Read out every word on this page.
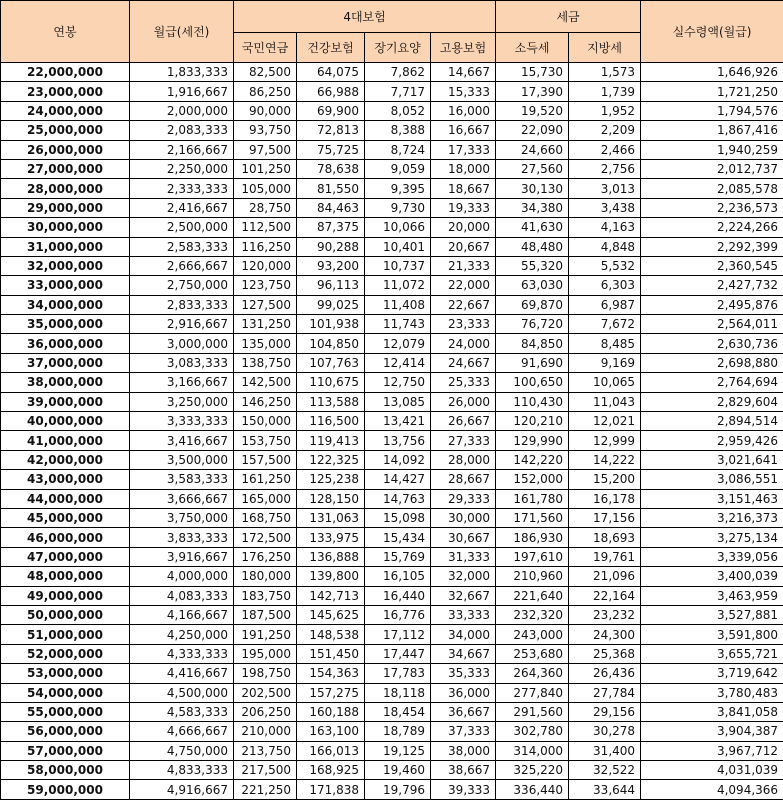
연봉	월급(세전)	4대보험				세금		실수령액(월급)
		국민연금	건강보험	장기요양	고용보험	소득세	지방세	
22,000,000	1,833,333	82,500	64,075	7,862	14,667	15,730	1,573	1,646,926
23,000,000	1,916,667	86,250	66,988	7,717	15,333	17,390	1,739	1,721,250
24,000,000	2,000,000	90,000	69,900	8,052	16,000	19,520	1,952	1,794,576
25,000,000	2,083,333	93,750	72,813	8,388	16,667	22,090	2,209	1,867,416
26,000,000	2,166,667	97,500	75,725	8,724	17,333	24,660	2,466	1,940,259
27,000,000	2,250,000	101,250	78,638	9,059	18,000	27,560	2,756	2,012,737
28,000,000	2,333,333	105,000	81,550	9,395	18,667	30,130	3,013	2,085,578
29,000,000	2,416,667	28,750	84,463	9,730	19,333	34,380	3,438	2,236,573
30,000,000	2,500,000	112,500	87,375	10,066	20,000	41,630	4,163	2,224,266
31,000,000	2,583,333	116,250	90,288	10,401	20,667	48,480	4,848	2,292,399
32,000,000	2,666,667	120,000	93,200	10,737	21,333	55,320	5,532	2,360,545
33,000,000	2,750,000	123,750	96,113	11,072	22,000	63,030	6,303	2,427,732
34,000,000	2,833,333	127,500	99,025	11,408	22,667	69,870	6,987	2,495,876
35,000,000	2,916,667	131,250	101,938	11,743	23,333	76,720	7,672	2,564,011
36,000,000	3,000,000	135,000	104,850	12,079	24,000	84,850	8,485	2,630,736
37,000,000	3,083,333	138,750	107,763	12,414	24,667	91,690	9,169	2,698,880
38,000,000	3,166,667	142,500	110,675	12,750	25,333	100,650	10,065	2,764,694
39,000,000	3,250,000	146,250	113,588	13,085	26,000	110,430	11,043	2,829,604
40,000,000	3,333,333	150,000	116,500	13,421	26,667	120,210	12,021	2,894,514
41,000,000	3,416,667	153,750	119,413	13,756	27,333	129,990	12,999	2,959,426
42,000,000	3,500,000	157,500	122,325	14,092	28,000	142,220	14,222	3,021,641
43,000,000	3,583,333	161,250	125,238	14,427	28,667	152,000	15,200	3,086,551
44,000,000	3,666,667	165,000	128,150	14,763	29,333	161,780	16,178	3,151,463
45,000,000	3,750,000	168,750	131,063	15,098	30,000	171,560	17,156	3,216,373
46,000,000	3,833,333	172,500	133,975	15,434	30,667	186,930	18,693	3,275,134
47,000,000	3,916,667	176,250	136,888	15,769	31,333	197,610	19,761	3,339,056
48,000,000	4,000,000	180,000	139,800	16,105	32,000	210,960	21,096	3,400,039
49,000,000	4,083,333	183,750	142,713	16,440	32,667	221,640	22,164	3,463,959
50,000,000	4,166,667	187,500	145,625	16,776	33,333	232,320	23,232	3,527,881
51,000,000	4,250,000	191,250	148,538	17,112	34,000	243,000	24,300	3,591,800
52,000,000	4,333,333	195,000	151,450	17,447	34,667	253,680	25,368	3,655,721
53,000,000	4,416,667	198,750	154,363	17,783	35,333	264,360	26,436	3,719,642
54,000,000	4,500,000	202,500	157,275	18,118	36,000	277,840	27,784	3,780,483
55,000,000	4,583,333	206,250	160,188	18,454	36,667	291,560	29,156	3,841,058
56,000,000	4,666,667	210,000	163,100	18,789	37,333	302,780	30,278	3,904,387
57,000,000	4,750,000	213,750	166,013	19,125	38,000	314,000	31,400	3,967,712
58,000,000	4,833,333	217,500	168,925	19,460	38,667	325,220	32,522	4,031,039
59,000,000	4,916,667	221,250	171,838	19,796	39,333	336,440	33,644	4,094,366
